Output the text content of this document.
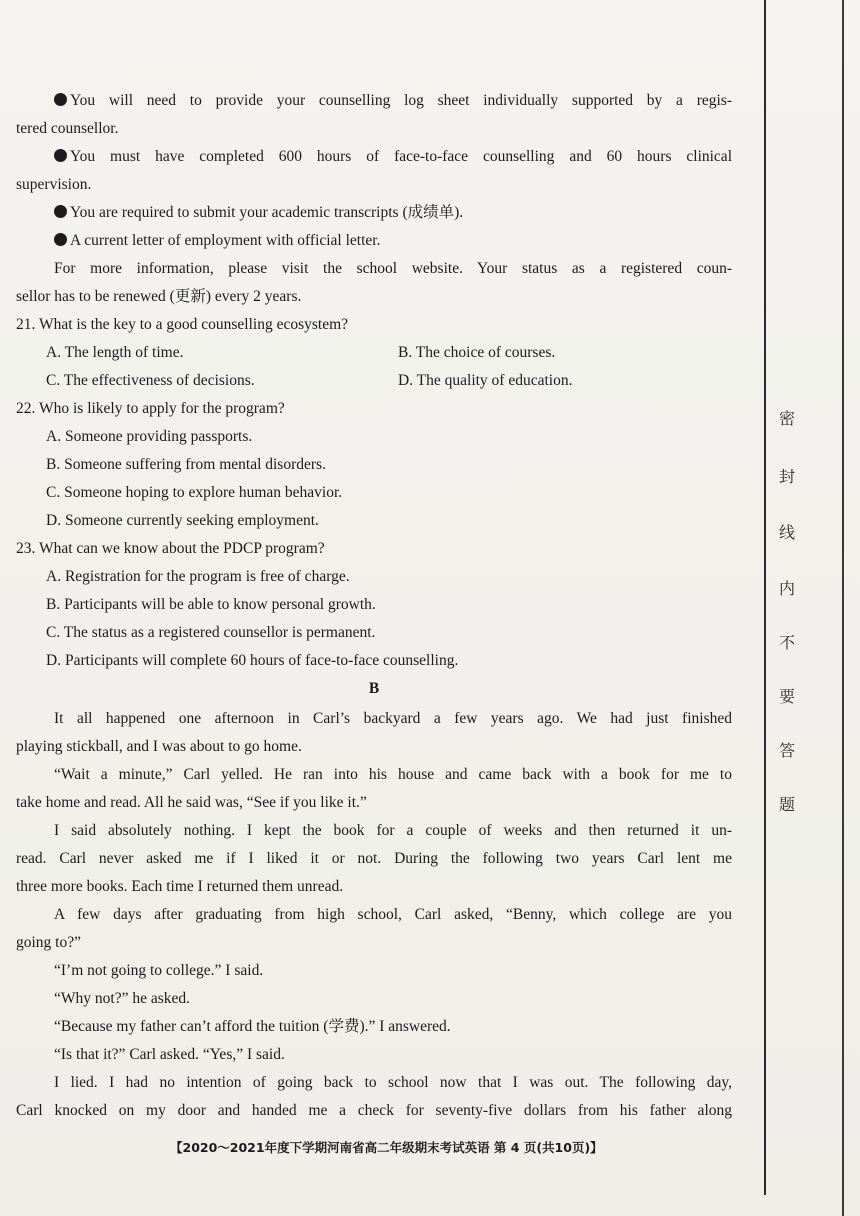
密
封
线
内
不
要
答
题
You will need to provide your counselling log sheet individually supported by a regis-
tered counsellor.
You must have completed 600 hours of face-to-face counselling and 60 hours clinical
supervision.
You are required to submit your academic transcripts (成绩单).
A current letter of employment with official letter.
For more information, please visit the school website. Your status as a registered coun-
sellor has to be renewed (更新) every 2 years.
21. What is the key to a good counselling ecosystem?
A. The length of time.	B. The choice of courses.
C. The effectiveness of decisions.	D. The quality of education.
22. Who is likely to apply for the program?
A. Someone providing passports.
B. Someone suffering from mental disorders.
C. Someone hoping to explore human behavior.
D. Someone currently seeking employment.
23. What can we know about the PDCP program?
A. Registration for the program is free of charge.
B. Participants will be able to know personal growth.
C. The status as a registered counsellor is permanent.
D. Participants will complete 60 hours of face-to-face counselling.
B
It all happened one afternoon in Carl’s backyard a few years ago. We had just finished
playing stickball, and I was about to go home.
“Wait a minute,” Carl yelled. He ran into his house and came back with a book for me to
take home and read. All he said was, “See if you like it.”
I said absolutely nothing. I kept the book for a couple of weeks and then returned it un-
read. Carl never asked me if I liked it or not. During the following two years Carl lent me
three more books. Each time I returned them unread.
A few days after graduating from high school, Carl asked, “Benny, which college are you
going to?”
“I’m not going to college.” I said.
“Why not?” he asked.
“Because my father can’t afford the tuition (学费).” I answered.
“Is that it?” Carl asked. “Yes,” I said.
I lied. I had no intention of going back to school now that I was out. The following day,
Carl knocked on my door and handed me a check for seventy-five dollars from his father along
【2020～2021年度下学期河南省高二年级期末考试英语 第 4 页(共10页)】
